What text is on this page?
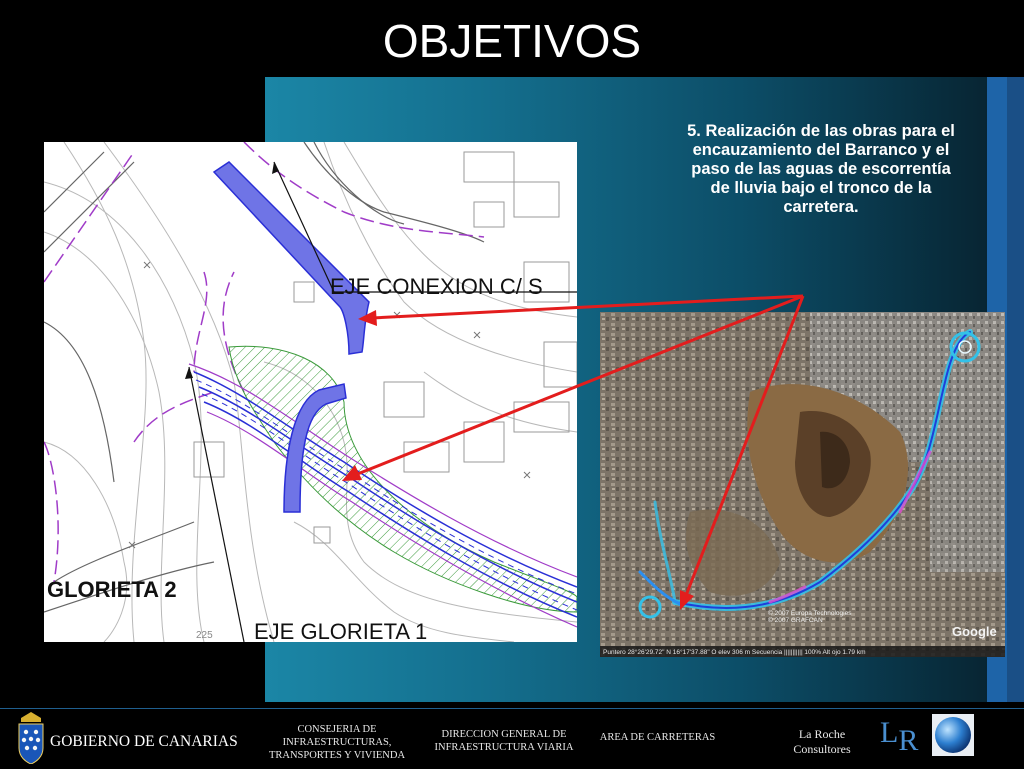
OBJETIVOS
5. Realización de las obras para el encauzamiento del Barranco y el paso de las aguas de escorrentía de lluvia bajo el tronco de la carretera.
EJE CONEXION C/ S
GLORIETA 2
EJE GLORIETA 1
225
© 2007 Europa Technologies © 2007 GRAFCAN
Google
Puntero 28°26'29.72" N 16°17'37.88" O elev 306 m Secuencia ||||||||||| 100% Alt ojo 1.79 km
GOBIERNO DE CANARIAS
CONSEJERIA DE
INFRAESTRUCTURAS,
TRANSPORTES Y VIVIENDA
DIRECCION GENERAL DE
INFRAESTRUCTURA VIARIA
AREA DE CARRETERAS	La Roche
Consultores LR
